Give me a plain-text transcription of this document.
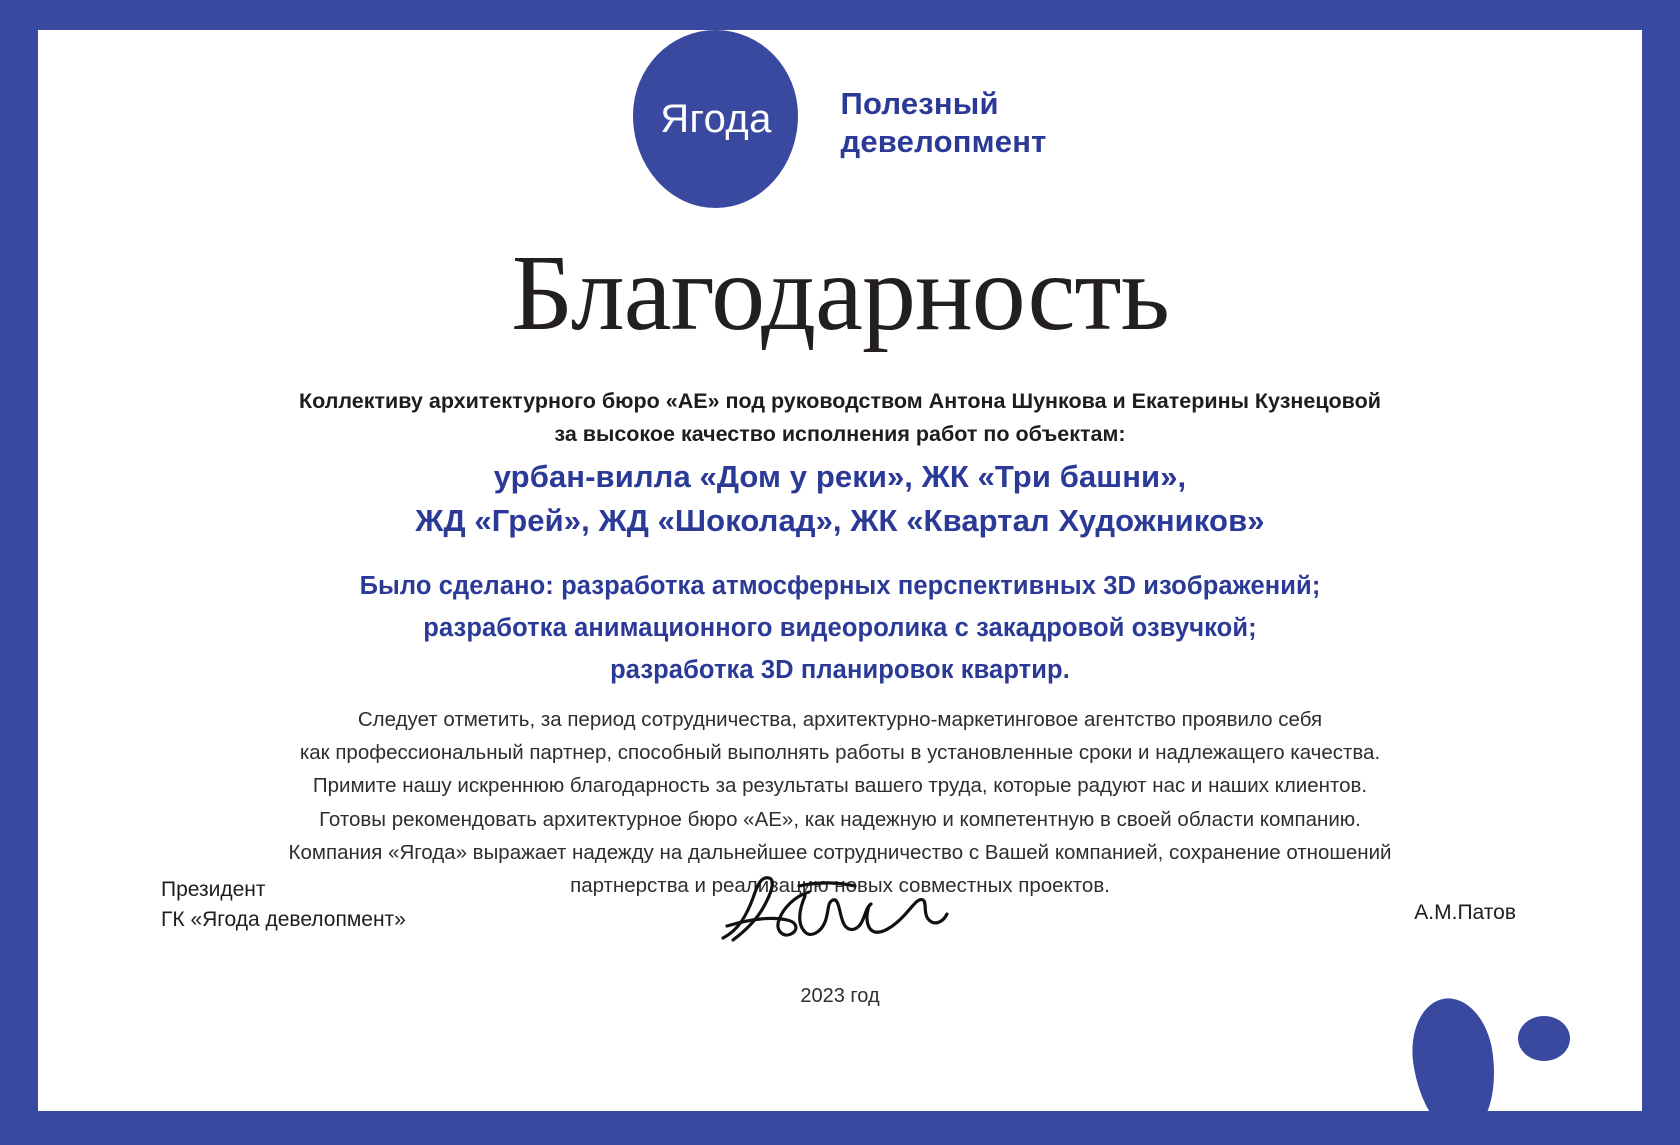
Ягода Полезный
девелопмент
Благодарность
Коллективу архитектурного бюро «АЕ» под руководством Антона Шункова и Екатерины Кузнецовой
за высокое качество исполнения работ по объектам:
урбан-вилла «Дом у реки», ЖК «Три башни»,
ЖД «Грей», ЖД «Шоколад», ЖК «Квартал Художников»
Было сделано: разработка атмосферных перспективных 3D изображений;
разработка анимационного видеоролика с закадровой озвучкой;
разработка 3D планировок квартир.
Следует отметить, за период сотрудничества, архитектурно-маркетинговое агентство проявило себя
как профессиональный партнер, способный выполнять работы в установленные сроки и надлежащего качества.
Примите нашу искреннюю благодарность за результаты вашего труда, которые радуют нас и наших клиентов.
Готовы рекомендовать архитектурное бюро «АЕ», как надежную и компетентную в своей области компанию.
Компания «Ягода» выражает надежду на дальнейшее сотрудничество с Вашей компанией, сохранение отношений
партнерства и реализацию новых совместных проектов.
Президент
ГК «Ягода девелопмент»	А.М.Патов
2023 год
